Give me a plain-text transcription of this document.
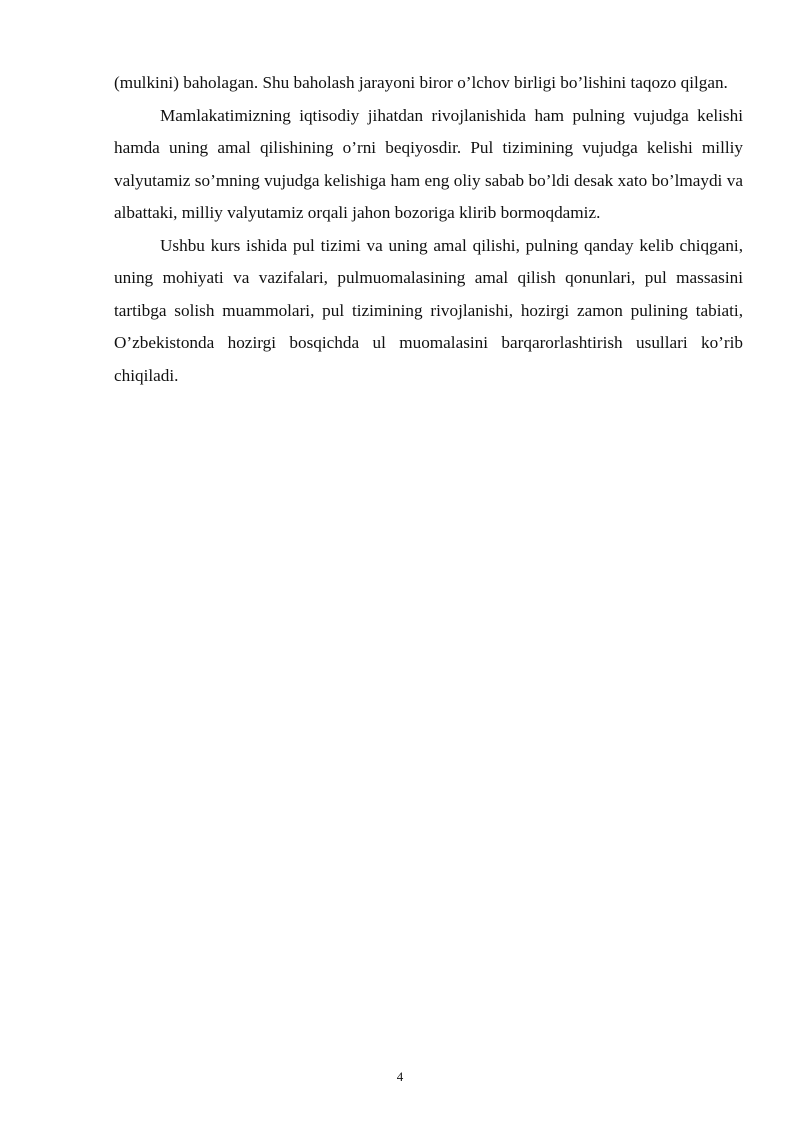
(mulkini) baholagan. Shu baholash jarayoni biror o’lchov birligi bo’lishini taqozo qilgan.

Mamlakatimizning iqtisodiy jihatdan rivojlanishida ham pulning vujudga kelishi hamda uning amal qilishining o’rni beqiyosdir. Pul tizimining vujudga kelishi milliy valyutamiz so’mning vujudga kelishiga ham eng oliy sabab bo’ldi desak xato bo’lmaydi va albattaki, milliy valyutamiz orqali jahon bozoriga klirib bormoqdamiz.

Ushbu kurs ishida pul tizimi va uning amal qilishi, pulning qanday kelib chiqgani, uning mohiyati va vazifalari, pulmuomalasining amal qilish qonunlari, pul massasini tartibga solish muammolari, pul tizimining rivojlanishi, hozirgi zamon pulining tabiati, O’zbekistonda hozirgi bosqichda ul muomalasini barqarorlashtirish usullari ko’rib chiqiladi.

4
